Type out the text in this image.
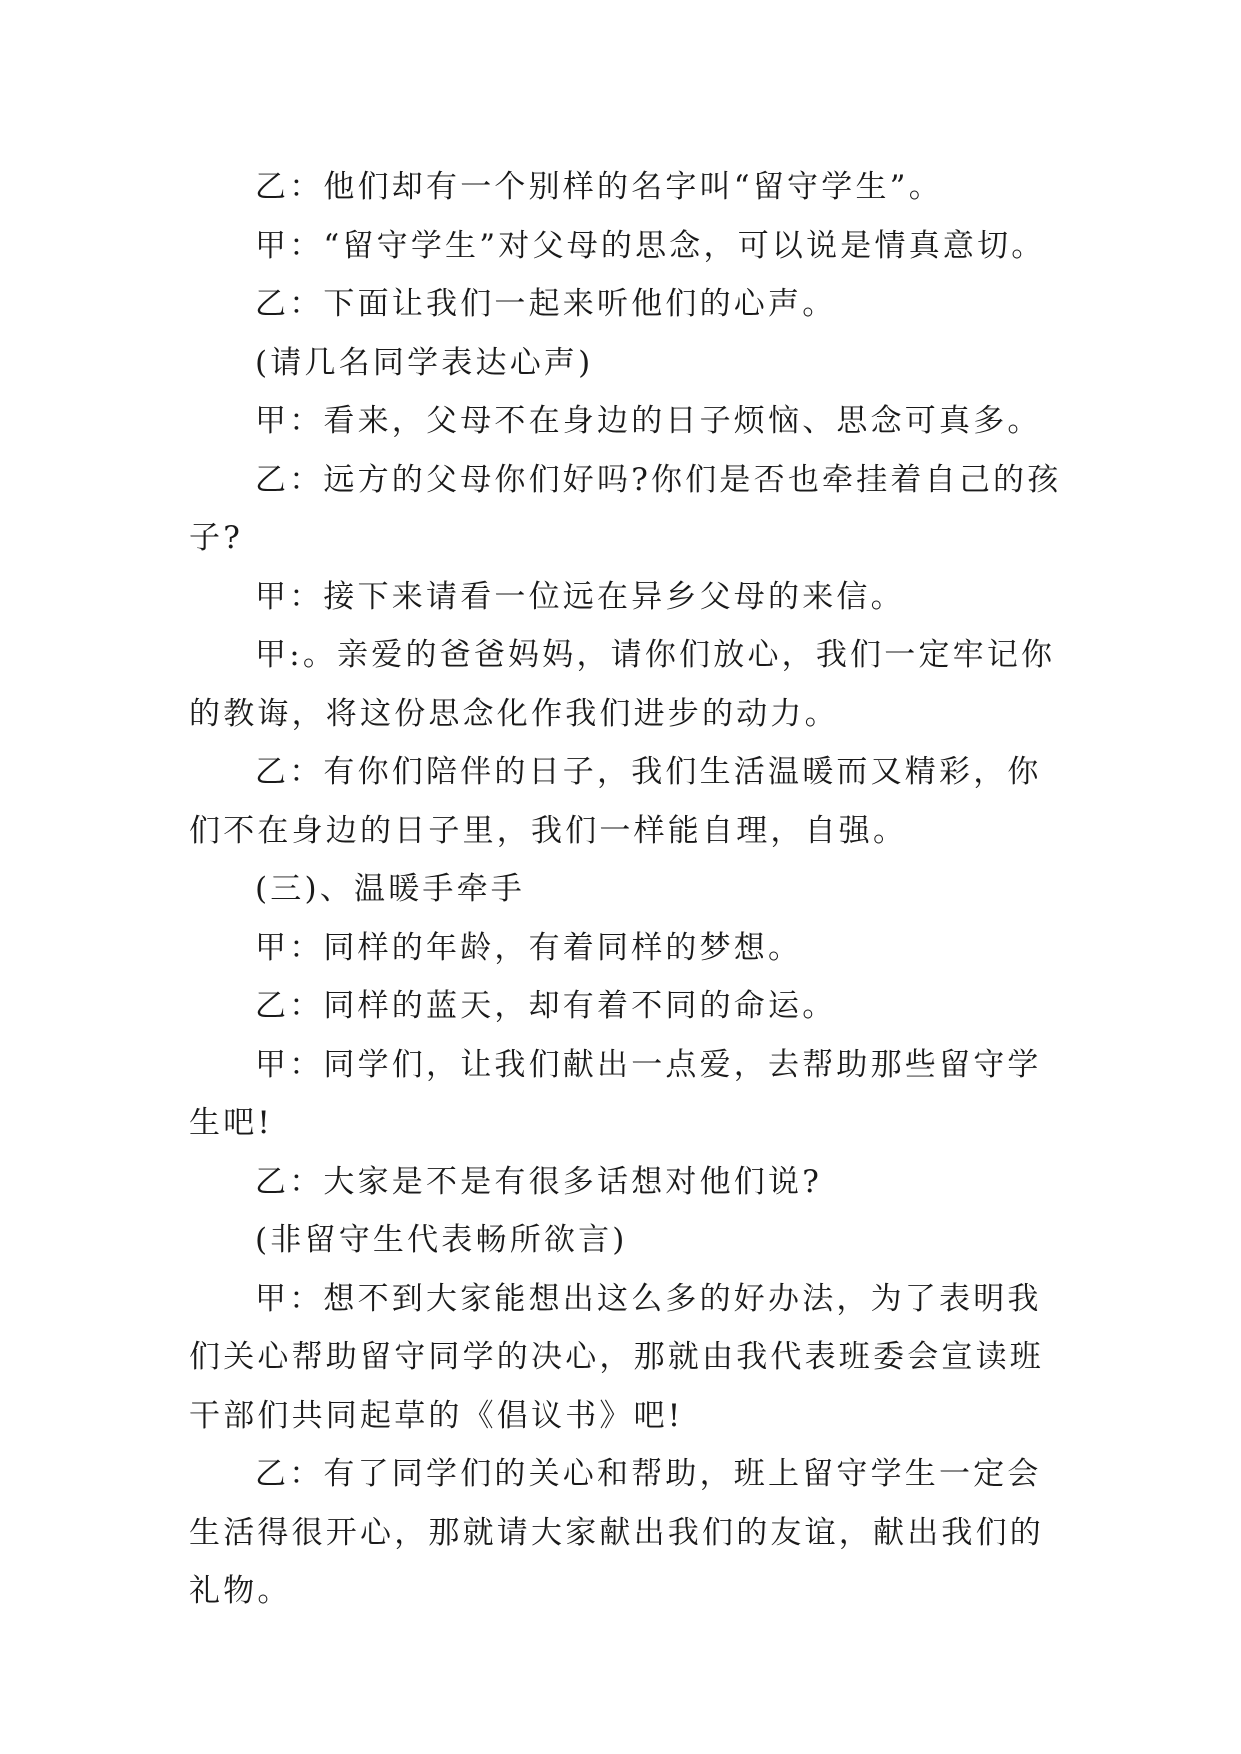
乙：他们却有一个别样的名字叫“留守学生”。

甲：“留守学生”对父母的思念，可以说是情真意切。

乙：下面让我们一起来听他们的心声。

(请几名同学表达心声)

甲：看来，父母不在身边的日子烦恼、思念可真多。

乙：远方的父母你们好吗?你们是否也牵挂着自己的孩子?

甲：接下来请看一位远在异乡父母的来信。

甲:。亲爱的爸爸妈妈，请你们放心，我们一定牢记你的教诲，将这份思念化作我们进步的动力。

乙：有你们陪伴的日子，我们生活温暖而又精彩，你们不在身边的日子里，我们一样能自理，自强。

(三)、温暖手牵手

甲：同样的年龄，有着同样的梦想。

乙：同样的蓝天，却有着不同的命运。

甲：同学们，让我们献出一点爱，去帮助那些留守学生吧!

乙：大家是不是有很多话想对他们说?

(非留守生代表畅所欲言)

甲：想不到大家能想出这么多的好办法，为了表明我们关心帮助留守同学的决心，那就由我代表班委会宣读班干部们共同起草的《倡议书》吧!

乙：有了同学们的关心和帮助，班上留守学生一定会生活得很开心，那就请大家献出我们的友谊，献出我们的礼物。
